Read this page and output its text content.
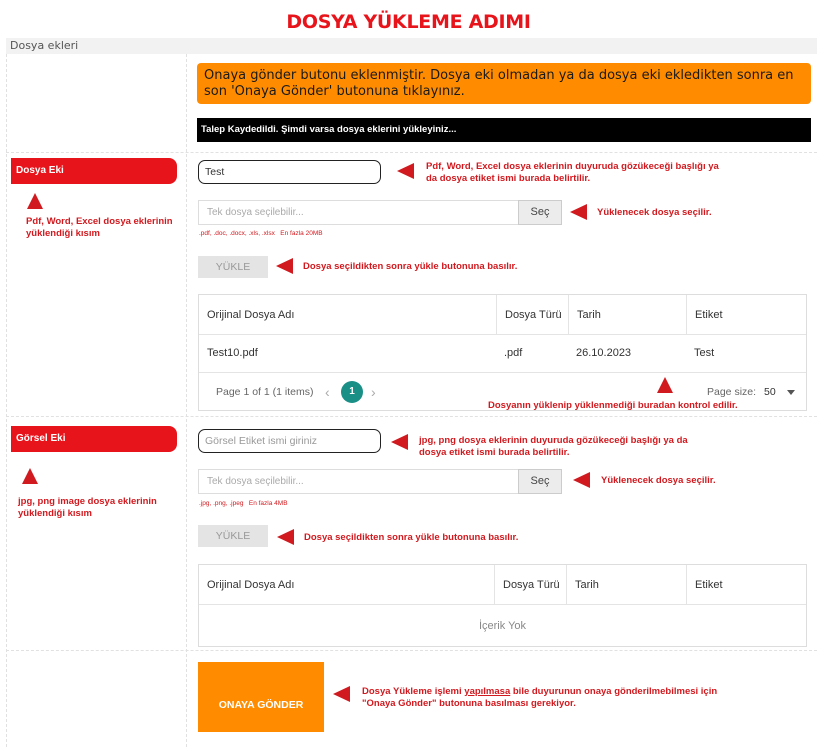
DOSYA YÜKLEME ADIMI
Dosya ekleri
Onaya gönder butonu eklenmiştir. Dosya eki olmadan ya da dosya eki ekledikten sonra en son 'Onaya Gönder' butonuna tıklayınız.
Talep Kaydedildi. Şimdi varsa dosya eklerini yükleyiniz...
Dosya Eki
Pdf, Word, Excel dosya eklerinin yüklendiği kısım
Test	Pdf, Word, Excel dosya eklerinin duyuruda gözükeceği başlığı ya da dosya etiket ismi burada belirtilir.
Tek dosya seçilebilir...	Seç	Yüklenecek dosya seçilir.
.pdf, .doc, .docx, .xls, .xlsx En fazla 20MB
YÜKLE	Dosya seçildikten sonra yükle butonuna basılır.
Orijinal Dosya Adı	Dosya Türü	Tarih	Etiket
Test10.pdf	.pdf	26.10.2023	Test
Page 1 of 1 (1 items) ‹	1	›	Page size: 50
Dosyanın yüklenip yüklenmediği buradan kontrol edilir.
Görsel Eki
jpg, png image dosya eklerinin yüklendiği kısım
Görsel Etiket ismi giriniz	jpg, png dosya eklerinin duyuruda gözükeceği başlığı ya da dosya etiket ismi burada belirtilir.
Tek dosya seçilebilir...	Seç	Yüklenecek dosya seçilir.
.jpg, .png, .jpeg En fazla 4MB
YÜKLE	Dosya seçildikten sonra yükle butonuna basılır.
Orijinal Dosya Adı	Dosya Türü	Tarih	Etiket
İçerik Yok
ONAYA GÖNDER
Dosya Yükleme işlemi yapılmasa bile duyurunun onaya gönderilmebilmesi için
"Onaya Gönder" butonuna basılması gerekiyor.
